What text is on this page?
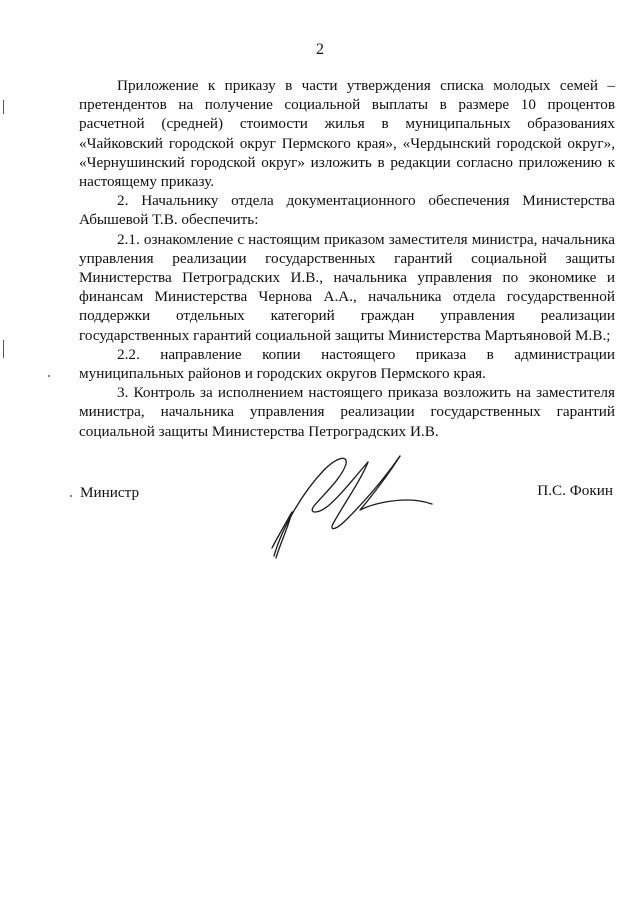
2

Приложение к приказу в части утверждения списка молодых семей – претендентов на получение социальной выплаты в размере 10 процентов расчетной (средней) стоимости жилья в муниципальных образованиях «Чайковский городской округ Пермского края», «Чердынский городской округ», «Чернушинский городской округ» изложить в редакции согласно приложению к настоящему приказу.

2. Начальнику отдела документационного обеспечения Министерства Абышевой Т.В. обеспечить:

2.1. ознакомление с настоящим приказом заместителя министра, начальника управления реализации государственных гарантий социальной защиты Министерства Петроградских И.В., начальника управления по экономике и финансам Министерства Чернова А.А., начальника отдела государственной поддержки отдельных категорий граждан управления реализации государственных гарантий социальной защиты Министерства Мартьяновой М.В.;

2.2. направление копии настоящего приказа в администрации муниципальных районов и городских округов Пермского края.

3. Контроль за исполнением настоящего приказа возложить на заместителя министра, начальника управления реализации государственных гарантий социальной защиты Министерства Петроградских И.В.

Министр	П.С. Фокин
